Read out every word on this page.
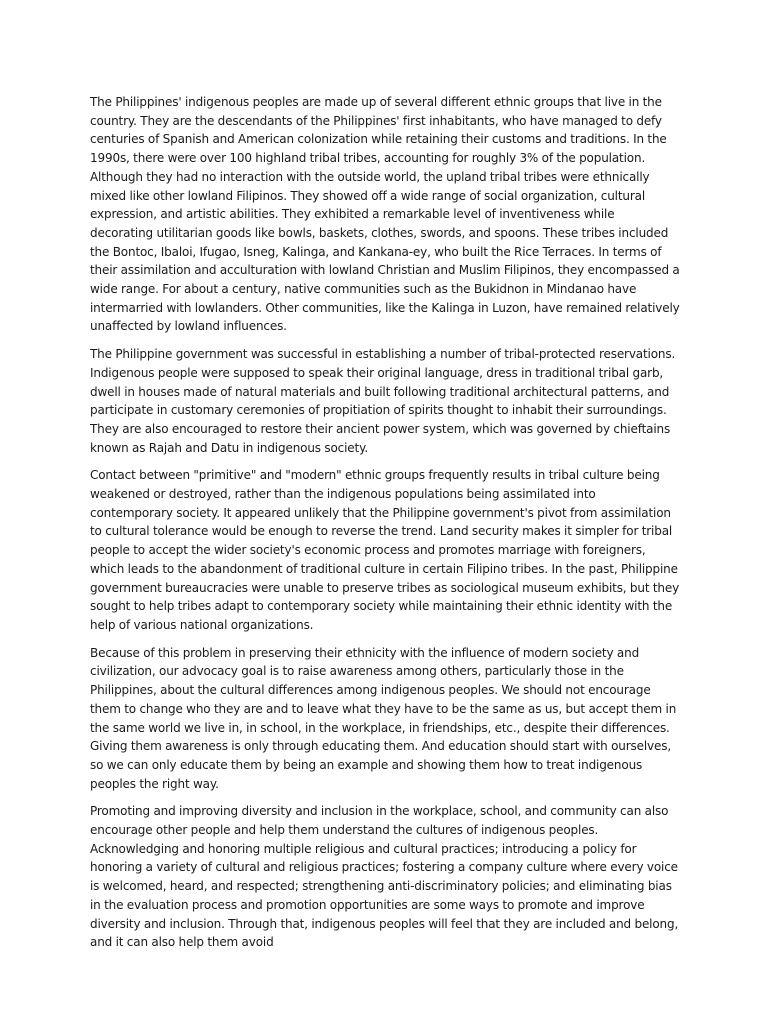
The Philippines' indigenous peoples are made up of several different ethnic groups that live in the country. They are the descendants of the Philippines' first inhabitants, who have managed to defy centuries of Spanish and American colonization while retaining their customs and traditions. In the 1990s, there were over 100 highland tribal tribes, accounting for roughly 3% of the population. Although they had no interaction with the outside world, the upland tribal tribes were ethnically mixed like other lowland Filipinos. They showed off a wide range of social organization, cultural expression, and artistic abilities. They exhibited a remarkable level of inventiveness while decorating utilitarian goods like bowls, baskets, clothes, swords, and spoons. These tribes included the Bontoc, Ibaloi, Ifugao, Isneg, Kalinga, and Kankana-ey, who built the Rice Terraces. In terms of their assimilation and acculturation with lowland Christian and Muslim Filipinos, they encompassed a wide range. For about a century, native communities such as the Bukidnon in Mindanao have intermarried with lowlanders. Other communities, like the Kalinga in Luzon, have remained relatively unaffected by lowland influences.

The Philippine government was successful in establishing a number of tribal-protected reservations. Indigenous people were supposed to speak their original language, dress in traditional tribal garb, dwell in houses made of natural materials and built following traditional architectural patterns, and participate in customary ceremonies of propitiation of spirits thought to inhabit their surroundings. They are also encouraged to restore their ancient power system, which was governed by chieftains known as Rajah and Datu in indigenous society.

Contact between "primitive" and "modern" ethnic groups frequently results in tribal culture being weakened or destroyed, rather than the indigenous populations being assimilated into contemporary society. It appeared unlikely that the Philippine government's pivot from assimilation to cultural tolerance would be enough to reverse the trend. Land security makes it simpler for tribal people to accept the wider society's economic process and promotes marriage with foreigners, which leads to the abandonment of traditional culture in certain Filipino tribes. In the past, Philippine government bureaucracies were unable to preserve tribes as sociological museum exhibits, but they sought to help tribes adapt to contemporary society while maintaining their ethnic identity with the help of various national organizations.

Because of this problem in preserving their ethnicity with the influence of modern society and civilization, our advocacy goal is to raise awareness among others, particularly those in the Philippines, about the cultural differences among indigenous peoples. We should not encourage them to change who they are and to leave what they have to be the same as us, but accept them in the same world we live in, in school, in the workplace, in friendships, etc., despite their differences. Giving them awareness is only through educating them. And education should start with ourselves, so we can only educate them by being an example and showing them how to treat indigenous peoples the right way.

Promoting and improving diversity and inclusion in the workplace, school, and community can also encourage other people and help them understand the cultures of indigenous peoples. Acknowledging and honoring multiple religious and cultural practices; introducing a policy for honoring a variety of cultural and religious practices; fostering a company culture where every voice is welcomed, heard, and respected; strengthening anti-discriminatory policies; and eliminating bias in the evaluation process and promotion opportunities are some ways to promote and improve diversity and inclusion. Through that, indigenous peoples will feel that they are included and belong, and it can also help them avoid
